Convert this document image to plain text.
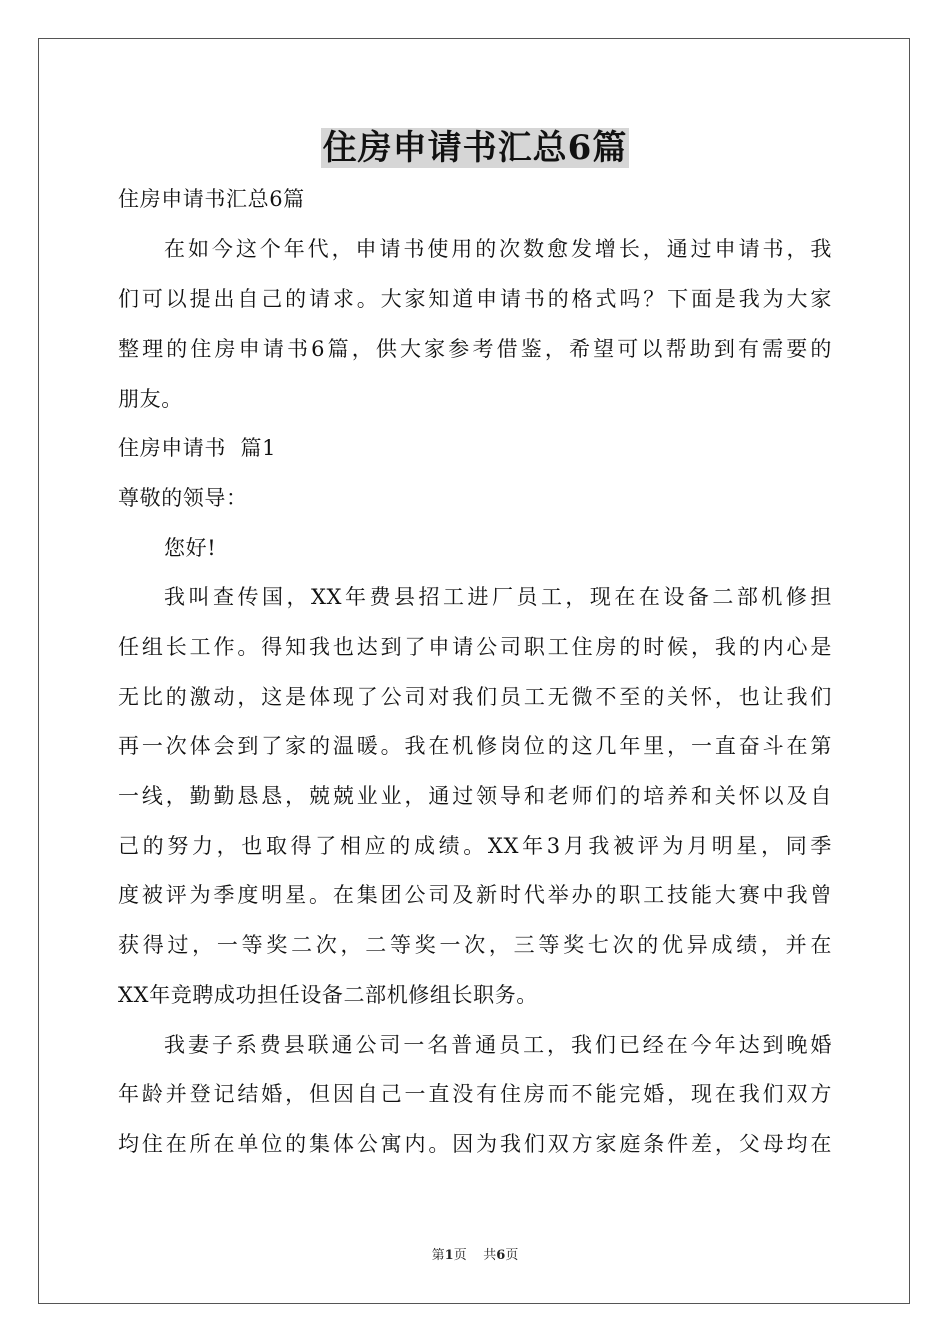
住房申请书汇总6篇
住房申请书汇总6篇
在如今这个年代，申请书使用的次数愈发增长，通过申请书，我
们可以提出自己的请求。大家知道申请书的格式吗？下面是我为大家
整理的住房申请书6篇，供大家参考借鉴，希望可以帮助到有需要的
朋友。
住房申请书  篇1
尊敬的领导：
您好!
我叫查传国，XX年费县招工进厂员工，现在在设备二部机修担
任组长工作。得知我也达到了申请公司职工住房的时候，我的内心是
无比的激动，这是体现了公司对我们员工无微不至的关怀，也让我们
再一次体会到了家的温暖。我在机修岗位的这几年里，一直奋斗在第
一线，勤勤恳恳，兢兢业业，通过领导和老师们的培养和关怀以及自
己的努力，也取得了相应的成绩。XX年3月我被评为月明星，同季
度被评为季度明星。在集团公司及新时代举办的职工技能大赛中我曾
获得过，一等奖二次，二等奖一次，三等奖七次的优异成绩，并在
XX年竞聘成功担任设备二部机修组长职务。
我妻子系费县联通公司一名普通员工，我们已经在今年达到晚婚
年龄并登记结婚，但因自己一直没有住房而不能完婚，现在我们双方
均住在所在单位的集体公寓内。因为我们双方家庭条件差，父母均在
第1页 共6页
